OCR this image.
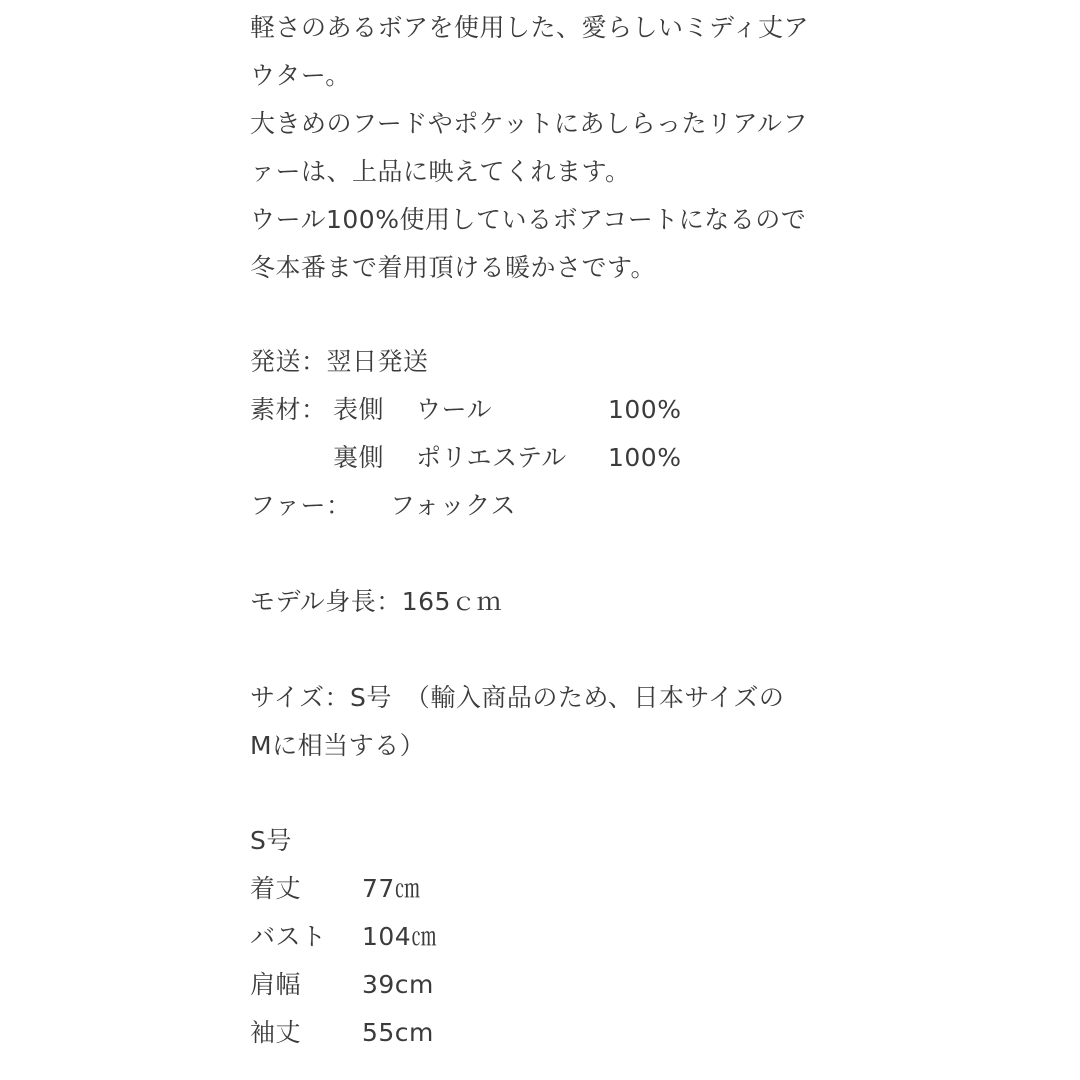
軽さのあるボアを使用した、愛らしいミディ丈ア
ウター。
大きめのフードやポケットにあしらったリアルフ
ァーは、上品に映えてくれます。
ウール100%使用しているボアコートになるので
冬本番まで着用頂ける暖かさです。
発送：翌日発送
素材： 表側 ウール	100%
裏側 ポリエステル 100%
ファー： フォックス
モデル身長：165ｃｍ
サイズ：S号　（輸入商品のため、日本サイズの
Mに相当する）
S号
着丈 77㎝
バスト 104㎝
肩幅 39cm
袖丈 55cm
